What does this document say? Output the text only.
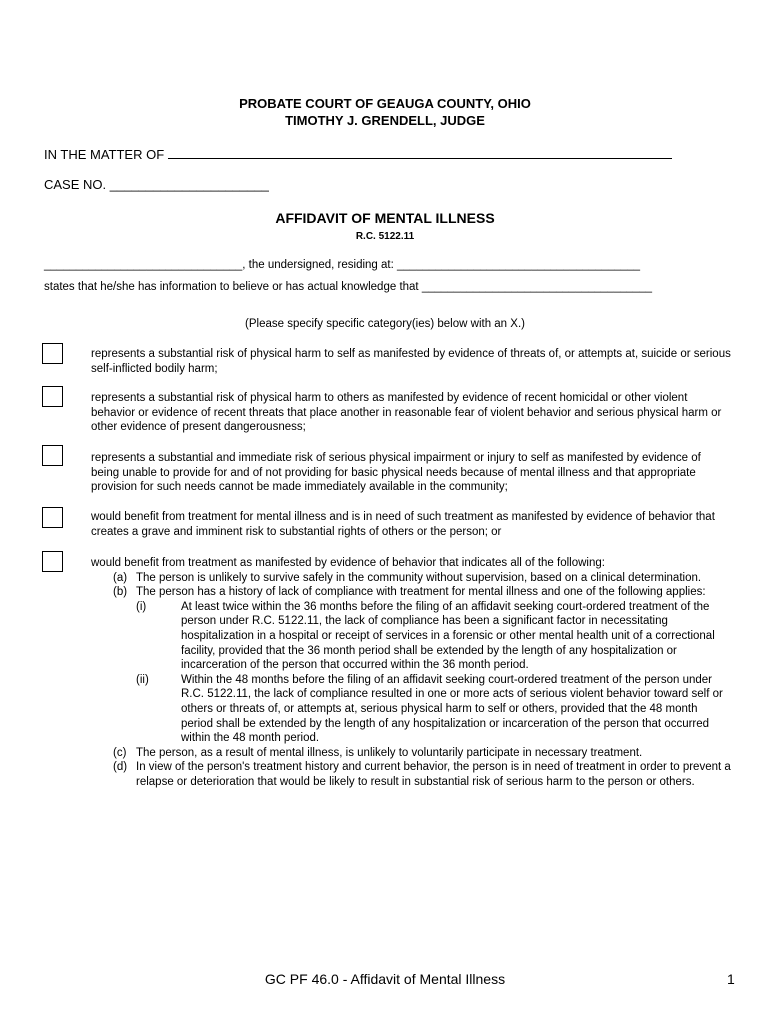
PROBATE COURT OF GEAUGA COUNTY, OHIO
TIMOTHY J. GRENDELL, JUDGE
IN THE MATTER OF
CASE NO. ______________________
AFFIDAVIT OF MENTAL ILLNESS
R.C. 5122.11
_______________________________, the undersigned, residing at: ______________________________________
states that he/she has information to believe or has actual knowledge that ____________________________________
(Please specify specific category(ies) below with an X.)
represents a substantial risk of physical harm to self as manifested by evidence of threats of, or attempts at, suicide or serious self-inflicted bodily harm;
represents a substantial risk of physical harm to others as manifested by evidence of recent homicidal or other violent behavior or evidence of recent threats that place another in reasonable fear of violent behavior and serious physical harm or other evidence of present dangerousness;
represents a substantial and immediate risk of serious physical impairment or injury to self as manifested by evidence of being unable to provide for and of not providing for basic physical needs because of mental illness and that appropriate provision for such needs cannot be made immediately available in the community;
would benefit from treatment for mental illness and is in need of such treatment as manifested by evidence of behavior that creates a grave and imminent risk to substantial rights of others or the person; or
would benefit from treatment as manifested by evidence of behavior that indicates all of the following:
(a) The person is unlikely to survive safely in the community without supervision, based on a clinical determination.
(b) The person has a history of lack of compliance with treatment for mental illness and one of the following applies:
(i)	At least twice within the 36 months before the filing of an affidavit seeking court-ordered treatment of the person under R.C. 5122.11, the lack of compliance has been a significant factor in necessitating hospitalization in a hospital or receipt of services in a forensic or other mental health unit of a correctional facility, provided that the 36 month period shall be extended by the length of any hospitalization or incarceration of the person that occurred within the 36 month period.
(ii)	Within the 48 months before the filing of an affidavit seeking court-ordered treatment of the person under R.C. 5122.11, the lack of compliance resulted in one or more acts of serious violent behavior toward self or others or threats of, or attempts at, serious physical harm to self or others, provided that the 48 month period shall be extended by the length of any hospitalization or incarceration of the person that occurred within the 48 month period.
(c) The person, as a result of mental illness, is unlikely to voluntarily participate in necessary treatment.
(d) In view of the person's treatment history and current behavior, the person is in need of treatment in order to prevent a relapse or deterioration that would be likely to result in substantial risk of serious harm to the person or others.
GC PF 46.0 - Affidavit of Mental Illness	1
